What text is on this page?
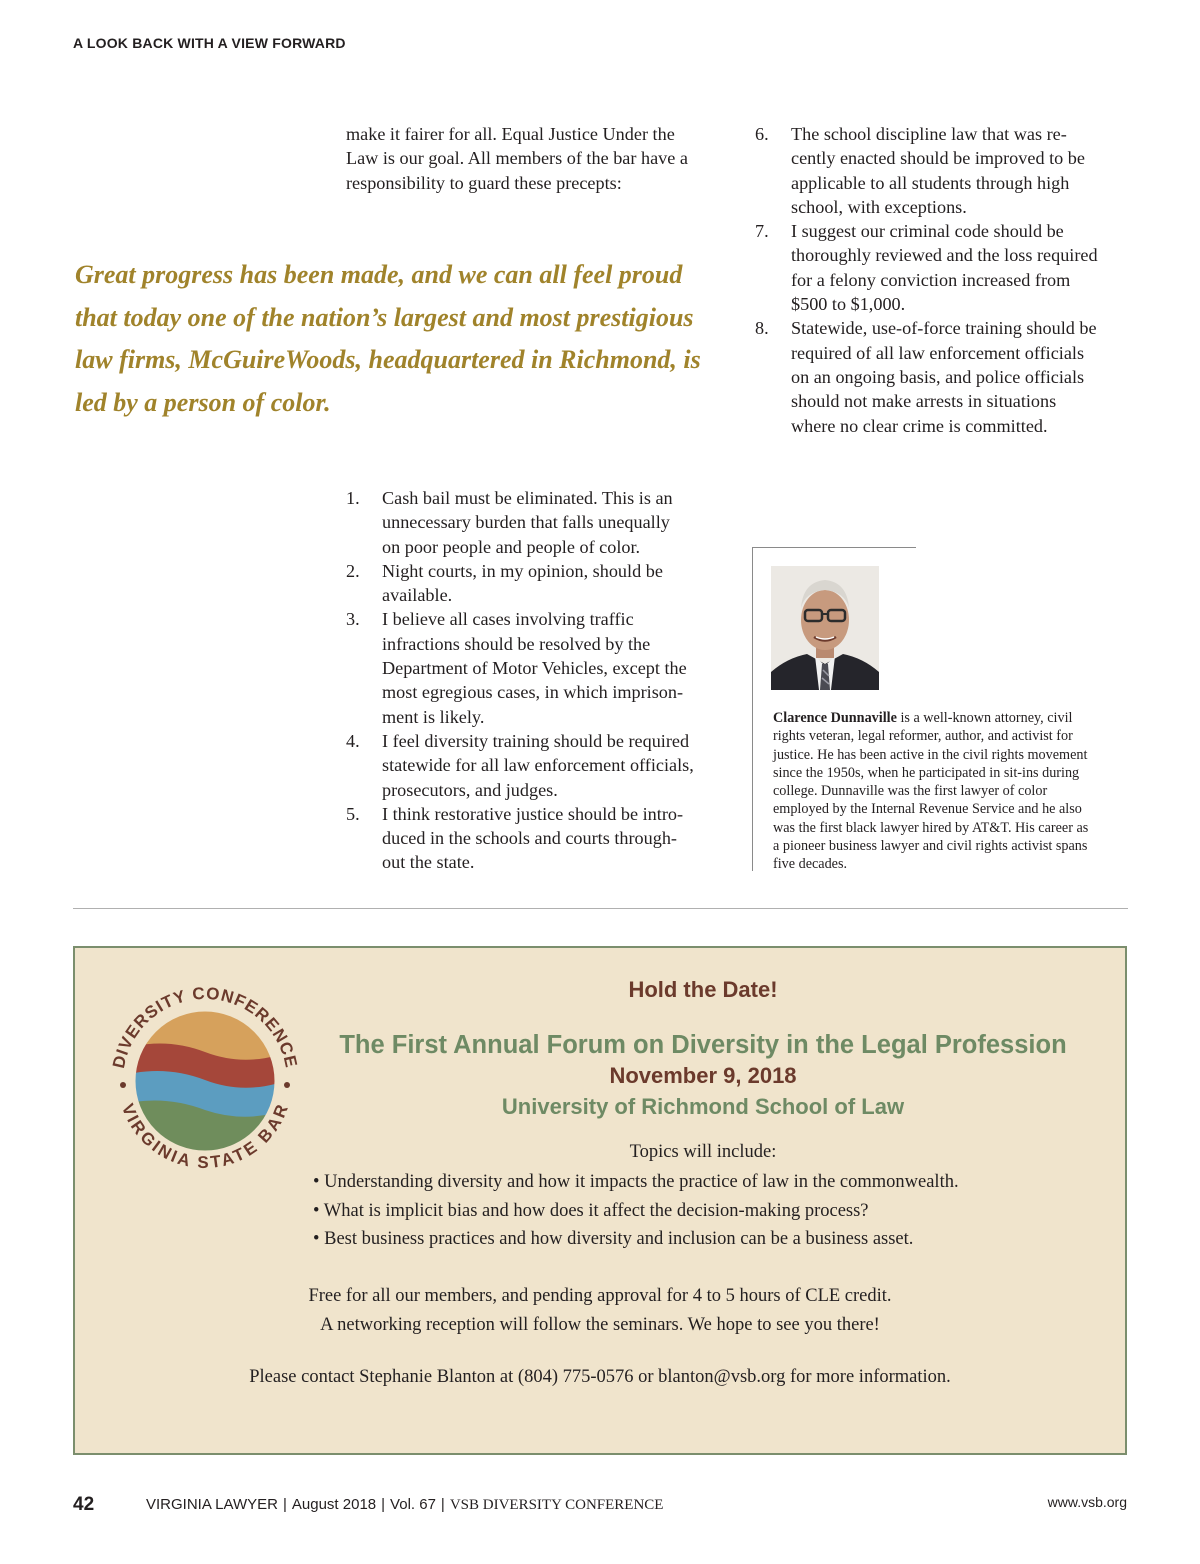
A LOOK BACK WITH A VIEW FORWARD
make it fairer for all. Equal Justice Under the
Law is our goal. All members of the bar have a
responsibility to guard these precepts:
Great progress has been made, and we can all feel proud
that today one of the nation’s largest and most prestigious
law firms, McGuireWoods, headquartered in Richmond, is
led by a person of color.
1. Cash bail must be eliminated. This is an
unnecessary burden that falls unequally
on poor people and people of color.
2. Night courts, in my opinion, should be
available.
3. I believe all cases involving traffic
infractions should be resolved by the
Department of Motor Vehicles, except the
most egregious cases, in which imprison-
ment is likely.
4. I feel diversity training should be required
statewide for all law enforcement officials,
prosecutors, and judges.
5. I think restorative justice should be intro-
duced in the schools and courts through-
out the state.
6. The school discipline law that was re-
cently enacted should be improved to be
applicable to all students through high
school, with exceptions.
7. I suggest our criminal code should be
thoroughly reviewed and the loss required
for a felony conviction increased from
$500 to $1,000.
8. Statewide, use-of-force training should be
required of all law enforcement officials
on an ongoing basis, and police officials
should not make arrests in situations
where no clear crime is committed.
Clarence Dunnaville is a well-known attorney, civil
rights veteran, legal reformer, author, and activist for
justice. He has been active in the civil rights movement
since the 1950s, when he participated in sit-ins during
college. Dunnaville was the first lawyer of color
employed by the Internal Revenue Service and he also
was the first black lawyer hired by AT&T. His career as
a pioneer business lawyer and civil rights activist spans
five decades.
DIVERSITY CONFERENCE
VIRGINIA STATE BAR
Hold the Date!
The First Annual Forum on Diversity in the Legal Profession
November 9, 2018
University of Richmond School of Law
Topics will include:
• Understanding diversity and how it impacts the practice of law in the commonwealth.
• What is implicit bias and how does it affect the decision-making process?
• Best business practices and how diversity and inclusion can be a business asset.
Free for all our members, and pending approval for 4 to 5 hours of CLE credit.
A networking reception will follow the seminars. We hope to see you there!
Please contact Stephanie Blanton at (804) 775-0576 or blanton@vsb.org for more information.
42	VIRGINIA LAWYER | August 2018 | Vol. 67 | VSB DIVERSITY CONFERENCE	www.vsb.org
